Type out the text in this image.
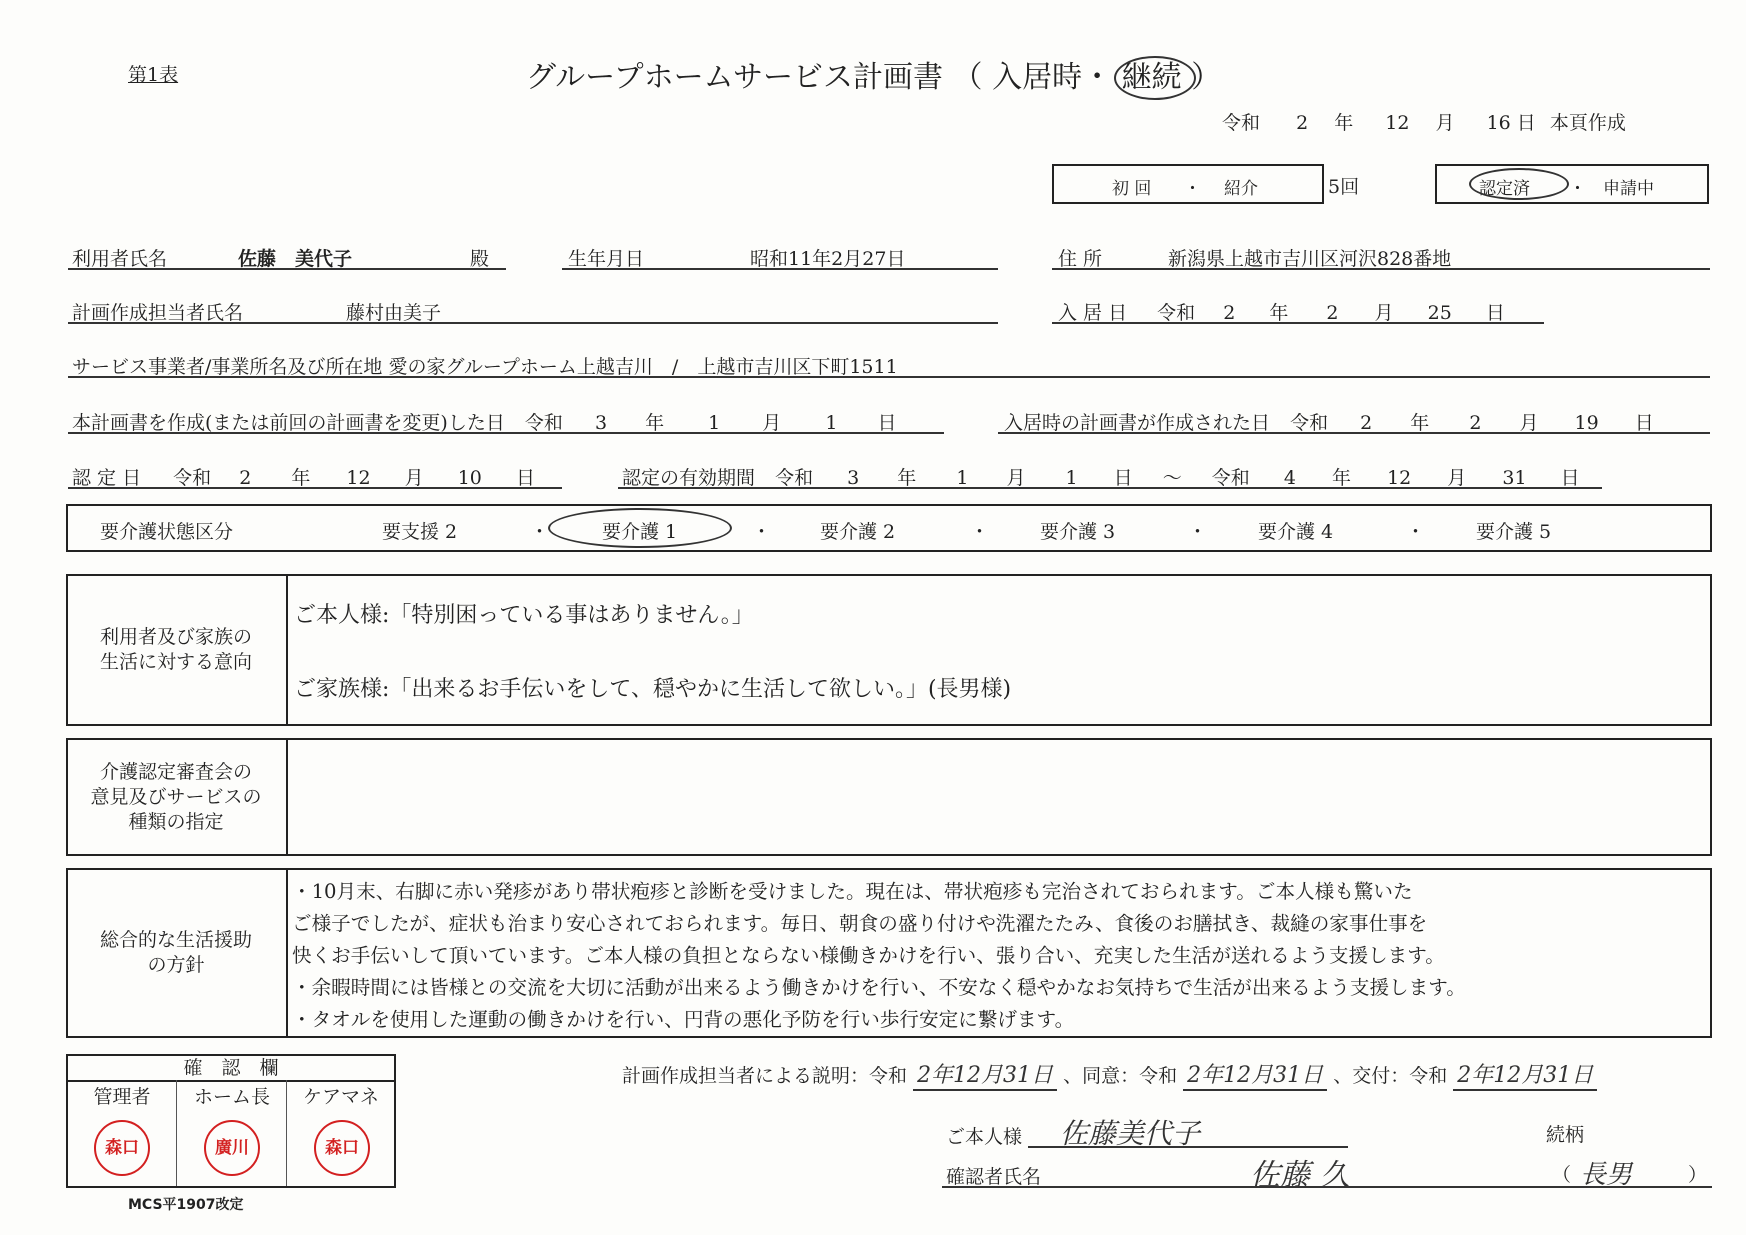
第1表	グループホームサービス計画書 （ 入居時・ 継続 ）
令和 2 年 12 月 16 日 本頁作成
初 回 ・ 紹介	5回	認定済 ・ 申請中
利用者氏名	佐藤　美代子	殿	生年月日	昭和11年2月27日	住 所	新潟県上越市吉川区河沢828番地
計画作成担当者氏名	藤村由美子	入 居 日 令和 2 年 2 月 25 日
サービス事業者/事業所名及び所在地 愛の家グループホーム上越吉川　/　上越市吉川区下町1511
本計画書を作成(または前回の計画書を変更)した日 令和 3 年 1 月 1 日	入居時の計画書が作成された日 令和 2 年 2 月 19 日
認 定 日 令和 2 年 12 月 10 日	認定の有効期間 令和 3 年 1 月 1 日 ～ 令和 4 年 12 月 31 日
要介護状態区分	要支援 2	・	要介護 1	・	要介護 2	・	要介護 3	・	要介護 4	・	要介護 5
利用者及び家族の
生活に対する意向
ご本人様:「特別困っている事はありません。」
ご家族様:「出来るお手伝いをして、穏やかに生活して欲しい。」(長男様)
介護認定審査会の
意見及びサービスの
種類の指定
総合的な生活援助
の方針
・10月末、右脚に赤い発疹があり帯状疱疹と診断を受けました。現在は、帯状疱疹も完治されておられます。ご本人様も驚いた
ご様子でしたが、症状も治まり安心されておられます。毎日、朝食の盛り付けや洗濯たたみ、食後のお膳拭き、裁縫の家事仕事を
快くお手伝いして頂いています。ご本人様の負担とならない様働きかけを行い、張り合い、充実した生活が送れるよう支援します。
・余暇時間には皆様との交流を大切に活動が出来るよう働きかけを行い、不安なく穏やかなお気持ちで生活が出来るよう支援します。
・タオルを使用した運動の働きかけを行い、円背の悪化予防を行い歩行安定に繋げます。
確　認　欄
管理者	ホーム長	ケアマネ
森口	廣川	森口
MCS平1907改定
計画作成担当者による説明：令和 2年12月31日 、同意：令和 2年12月31日 、交付：令和 2年12月31日
ご本人様 佐藤美代子	続柄
確認者氏名	佐藤 久	（ 長男	）
